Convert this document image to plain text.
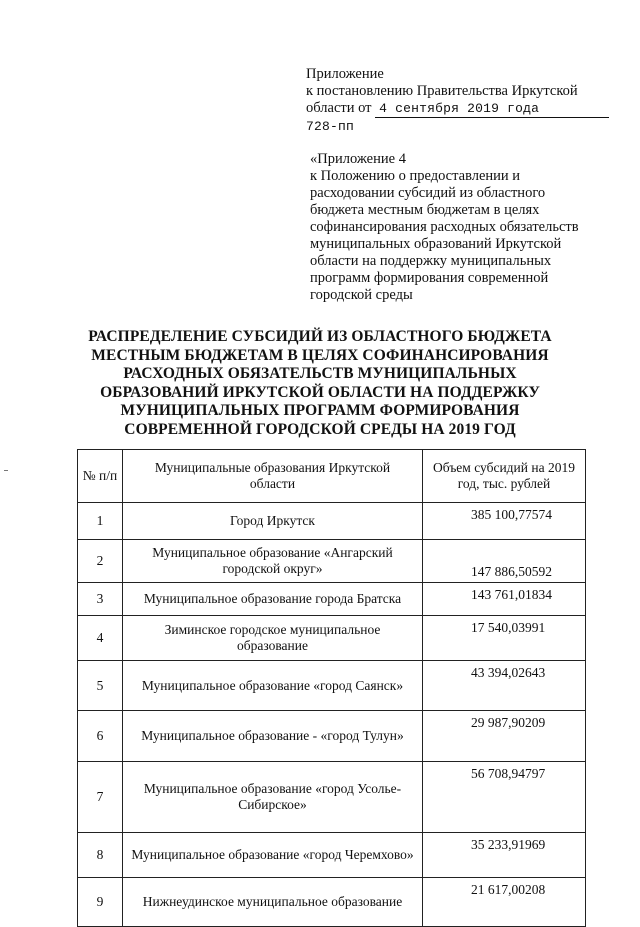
Приложение
к постановлению Правительства Иркутской
области от 4 сентября 2019 года
728-пп
«Приложение 4
к Положению о предоставлении и
расходовании субсидий из областного
бюджета местным бюджетам в целях
софинансирования расходных обязательств
муниципальных образований Иркутской
области на поддержку муниципальных
программ формирования современной
городской среды
РАСПРЕДЕЛЕНИЕ СУБСИДИЙ ИЗ ОБЛАСТНОГО БЮДЖЕТА
МЕСТНЫМ БЮДЖЕТАМ В ЦЕЛЯХ СОФИНАНСИРОВАНИЯ
РАСХОДНЫХ ОБЯЗАТЕЛЬСТВ МУНИЦИПАЛЬНЫХ
ОБРАЗОВАНИЙ ИРКУТСКОЙ ОБЛАСТИ НА ПОДДЕРЖКУ
МУНИЦИПАЛЬНЫХ ПРОГРАММ ФОРМИРОВАНИЯ
СОВРЕМЕННОЙ ГОРОДСКОЙ СРЕДЫ НА 2019 ГОД
№ п/п	Муниципальные образования Иркутской области	Объем субсидий на 2019 год, тыс. рублей
1	Город Иркутск	385 100,77574
2	Муниципальное образование «Ангарский городской округ»	147 886,50592
3	Муниципальное образование города Братска	143 761,01834
4	Зиминское городское муниципальное образование	17 540,03991
5	Муниципальное образование «город Саянск»	43 394,02643
6	Муниципальное образование - «город Тулун»	29 987,90209
7	Муниципальное образование «город Усолье-Сибирское»	56 708,94797
8	Муниципальное образование «город Черемхово»	35 233,91969
9	Нижнеудинское муниципальное образование	21 617,00208
